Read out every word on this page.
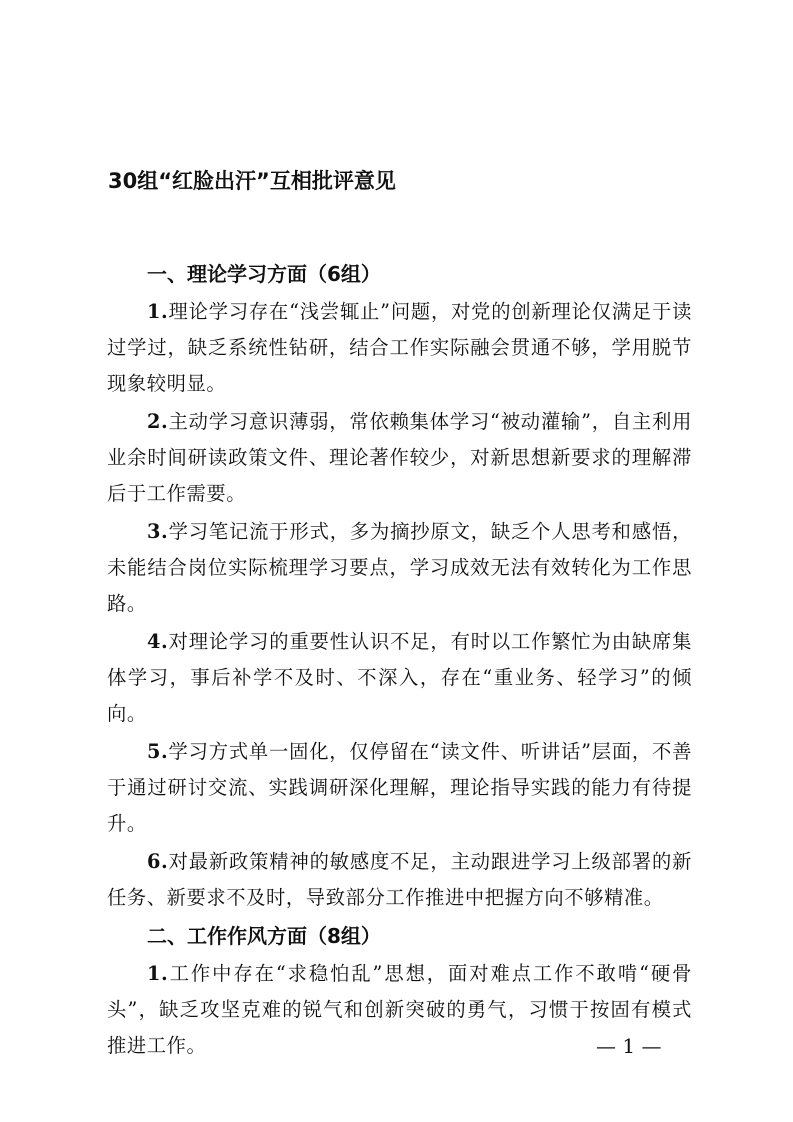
30组“红脸出汗”互相批评意见
一、理论学习方面（6组）

1.理论学习存在“浅尝辄止”问题，对党的创新理论仅满足于读过学过，缺乏系统性钻研，结合工作实际融会贯通不够，学用脱节现象较明显。

2.主动学习意识薄弱，常依赖集体学习“被动灌输”，自主利用业余时间研读政策文件、理论著作较少，对新思想新要求的理解滞后于工作需要。

3.学习笔记流于形式，多为摘抄原文，缺乏个人思考和感悟，未能结合岗位实际梳理学习要点，学习成效无法有效转化为工作思路。

4.对理论学习的重要性认识不足，有时以工作繁忙为由缺席集体学习，事后补学不及时、不深入，存在“重业务、轻学习”的倾向。

5.学习方式单一固化，仅停留在“读文件、听讲话”层面，不善于通过研讨交流、实践调研深化理解，理论指导实践的能力有待提升。

6.对最新政策精神的敏感度不足，主动跟进学习上级部署的新任务、新要求不及时，导致部分工作推进中把握方向不够精准。

二、工作作风方面（8组）

1.工作中存在“求稳怕乱”思想，面对难点工作不敢啃“硬骨头”，缺乏攻坚克难的锐气和创新突破的勇气，习惯于按固有模式推进工作。	— 1 —
